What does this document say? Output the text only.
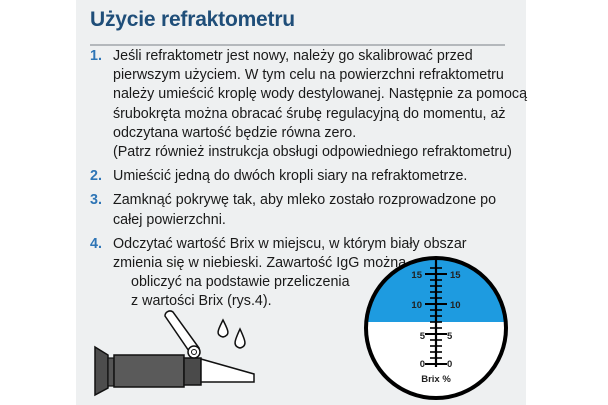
Użycie refraktometru
1. Jeśli refraktometr jest nowy, należy go skalibrować przed
pierwszym użyciem. W tym celu na powierzchni refraktometru
należy umieścić kroplę wody destylowanej. Następnie za pomocą
śrubokręta można obracać śrubę regulacyjną do momentu, aż
odczytana wartość będzie równa zero.
(Patrz również instrukcja obsługi odpowiedniego refraktometru)
2. Umieścić jedną do dwóch kropli siary na refraktometrze.
3. Zamknąć pokrywę tak, aby mleko zostało rozprowadzone po
całej powierzchni.
4. Odczytać wartość Brix w miejscu, w którym biały obszar
zmienia się w niebieski. Zawartość IgG można
obliczyć na podstawie przeliczenia
z wartości Brix (rys.4).
15	15
10	10
5 5
0 0
Brix %
